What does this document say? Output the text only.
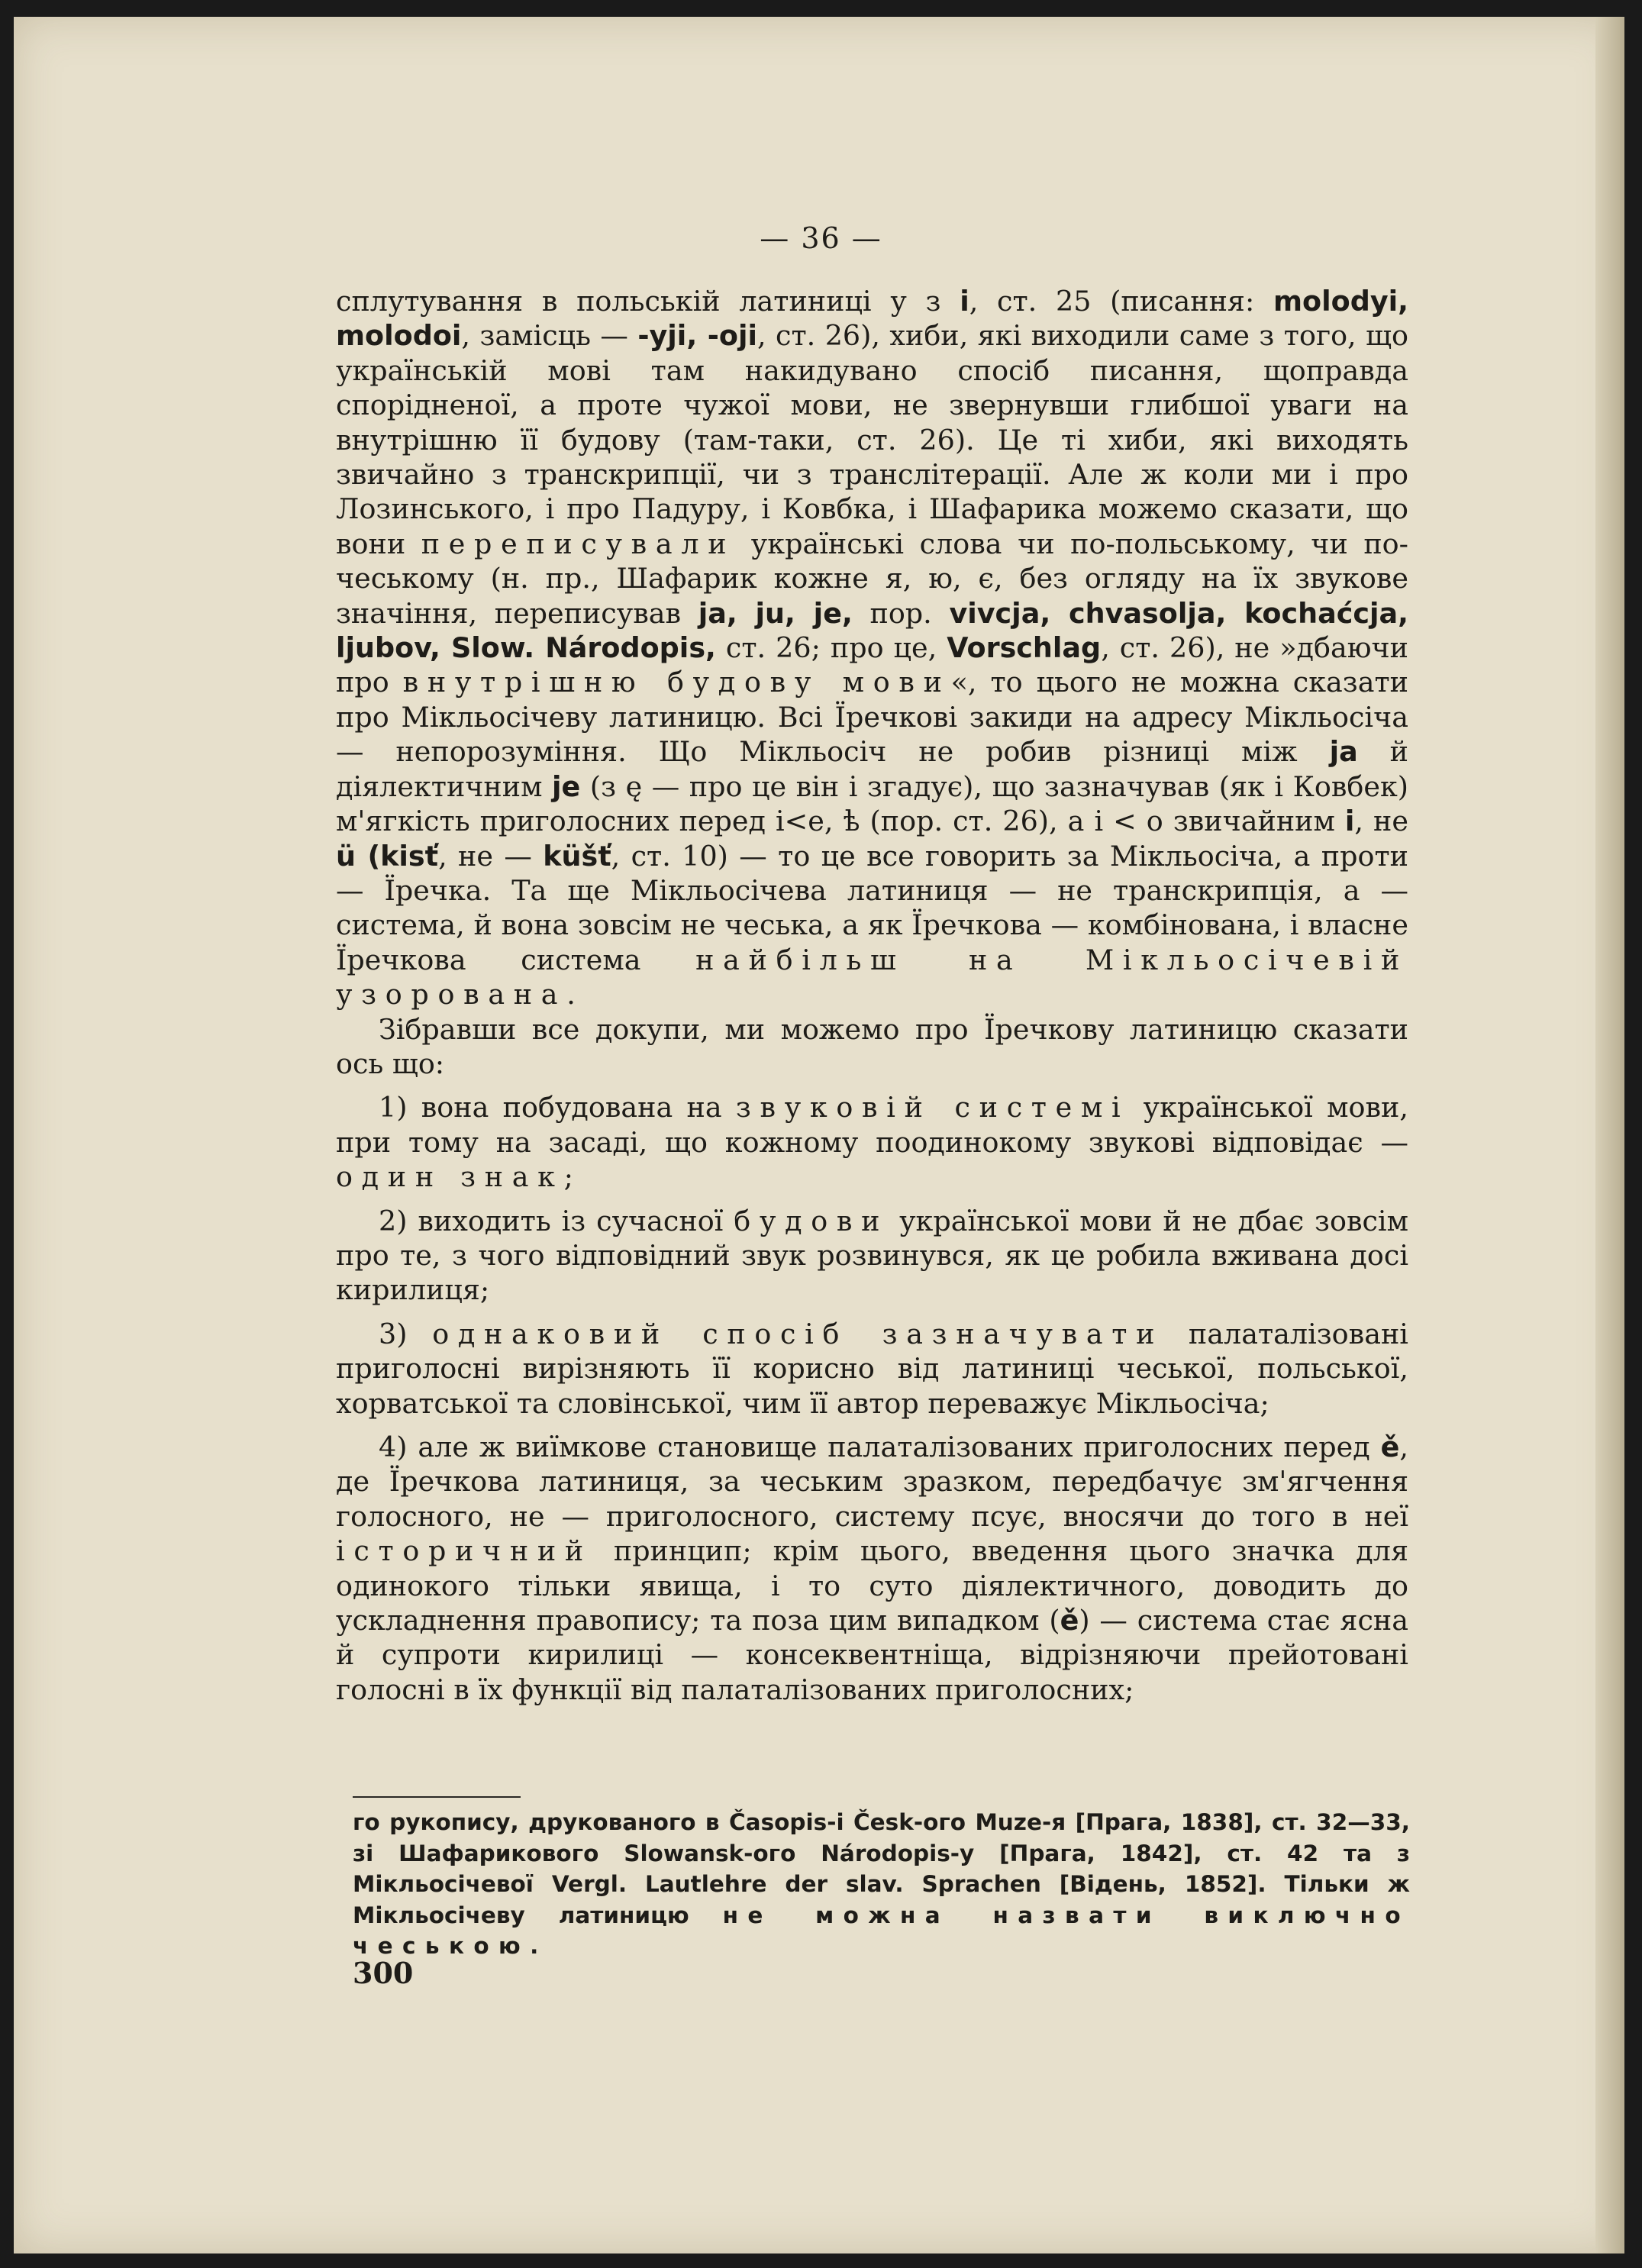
— 36 —

сплутування в польській латиниці у з i, ст. 25 (писання: molodyi, molodoi, замісць — -yji, -oji, ст. 26), хиби, які виходили саме з того, що українській мові там накидувано спосіб писання, щоправда спорідненої, а проте чужої мови, не звернувши глибшої уваги на внутрішню її будову (там-таки, ст. 26). Це ті хиби, які виходять звичайно з транскрипції, чи з транслітерації. Але ж коли ми і про Лозинського, і про Падуру, і Ковбка, і Шафарика можемо сказати, що вони переписували українські слова чи по-польському, чи по-чеському (н. пр., Шафарик кожне я, ю, є, без огляду на їх звукове значіння, переписував ja, ju, je, пор. vivcja, chvasolja, kochaćcja, ljubov, Slow. Národopis, ст. 26; про це, Vorschlag, ст. 26), не »дбаючи про внутрішню будову мови«, то цього не можна сказати про Мікльосічеву латиницю. Всі Їречкові закиди на адресу Мікльосіча — непорозуміння. Що Мікльосіч не робив різниці між ja й діялектичним je (з ę — про це він і згадує), що зазначував (як і Ковбек) м'ягкість приголосних перед i<e, ѣ (пор. ст. 26), а i < o звичайним i, не ü (kisť, не — küšť, ст. 10) — то це все говорить за Мікльосіча, а проти — Їречка. Та ще Мікльосічева латиниця — не транскрипція, а — система, й вона зовсім не чеська, а як Їречкова — комбінована, і власне Їречкова система найбільш на Мікльосічевій узорована.

Зібравши все докупи, ми можемо про Їречкову латиницю сказати ось що:

1) вона побудована на звуковій системі української мови, при тому на засаді, що кожному поодинокому звукові відповідає — один знак;

2) виходить із сучасної будови української мови й не дбає зовсім про те, з чого відповідний звук розвинувся, як це робила вживана досі кирилиця;

3) однаковий спосіб зазначувати палаталізовані приголосні вирізняють її корисно від латиниці чеської, польської, хорватської та словінської, чим її автор переважує Мікльосіча;

4) але ж виїмкове становище палаталізованих приголосних перед ě, де Їречкова латиниця, за чеським зразком, передбачує зм'ягчення голосного, не — приголосного, систему псує, вносячи до того в неї історичний принцип; крім цього, введення цього значка для одинокого тільки явища, і то суто діялектичного, доводить до ускладнення правопису; та поза цим випадком (ě) — система стає ясна й супроти кирилиці — консеквентніща, відрізняючи прейотовані голосні в їх функції від палаталізованих приголосних;

го рукопису, друкованого в Časopis-i Česk-ого Muze-я [Прага, 1838], ст. 32—33, зі Шафарикового Slowansk-ого Národopis-y [Прага, 1842], ст. 42 та з Мікльосічевої Vergl. Lautlehre der slav. Sprachen [Відень, 1852]. Тільки ж Мікльосічеву латиницю не можна назвати виключно чеською.
300
